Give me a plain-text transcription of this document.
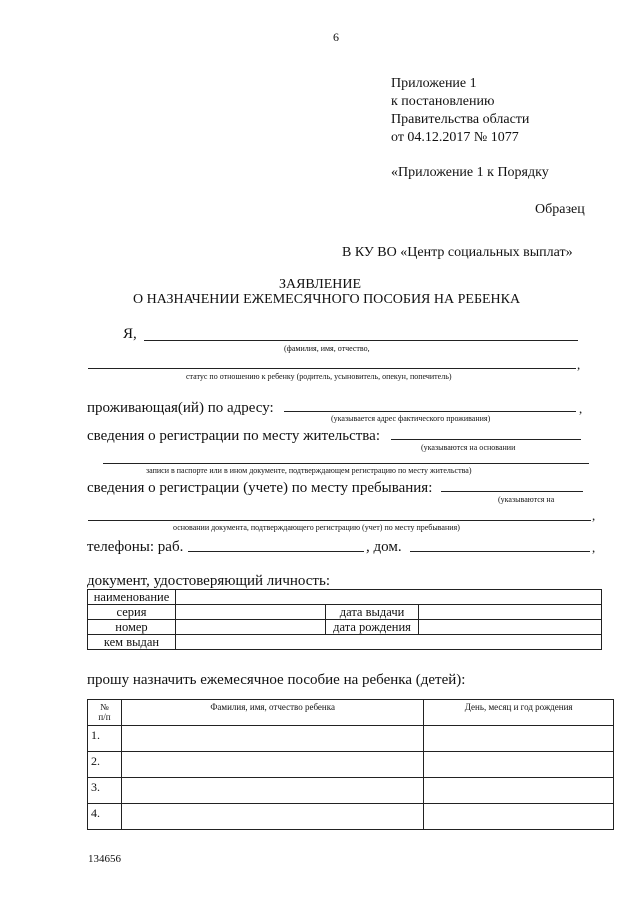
6
Приложение 1
к постановлению
Правительства области
от 04.12.2017 № 1077
«Приложение 1 к Порядку
Образец
В КУ ВО «Центр социальных выплат»
ЗАЯВЛЕНИЕ
О НАЗНАЧЕНИИ ЕЖЕМЕСЯЧНОГО ПОСОБИЯ НА РЕБЕНКА
Я,
(фамилия, имя, отчество,
,
статус по отношению к ребенку (родитель, усыновитель, опекун, попечитель)
проживающая(ий) по адресу:	,
(указывается адрес фактического проживания)
сведения о регистрации по месту жительства:
(указываются на основании
записи в паспорте или в ином документе, подтверждающем регистрацию по месту жительства)
сведения о регистрации (учете) по месту пребывания:
(указываются на
,
основании документа, подтверждающего регистрацию (учет) по месту пребывания)
телефоны: раб.	, дом.	,
документ, удостоверяющий личность:
наименование			
серия		дата выдачи	
номер		дата рождения	
кем выдан			
прошу назначить ежемесячное пособие на ребенка (детей):
№
п/п	Фамилия, имя, отчество ребенка	День, месяц и год рождения
1.		
2.		
3.		
4.		
134656
